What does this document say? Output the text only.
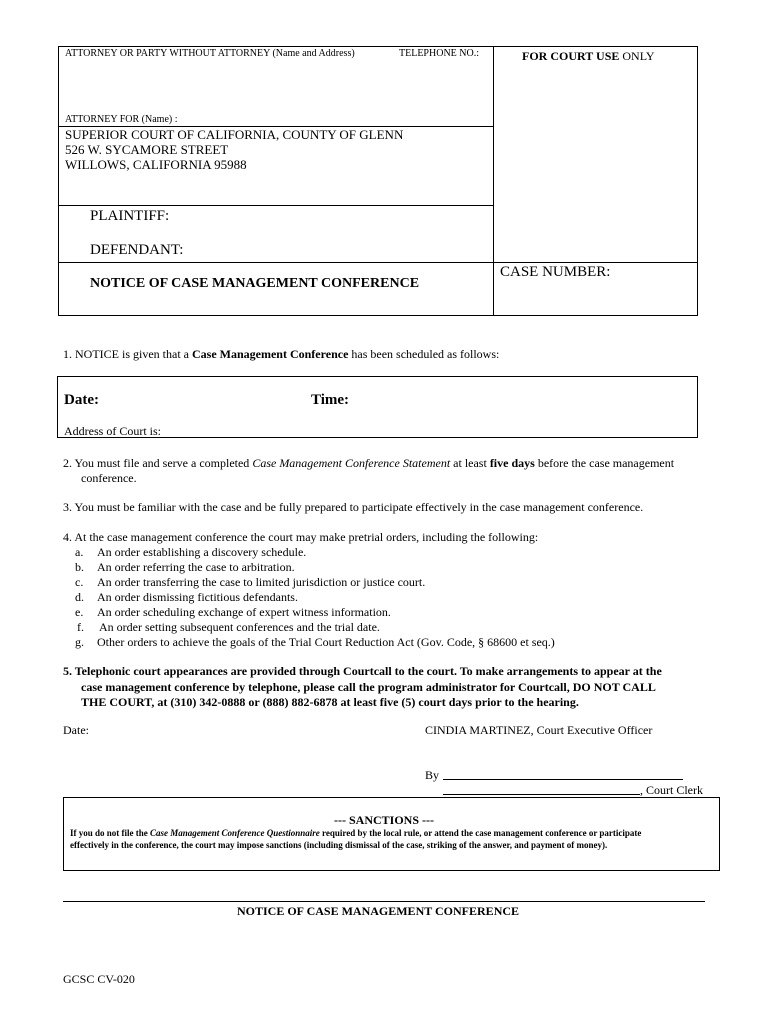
ATTORNEY OR PARTY WITHOUT ATTORNEY (Name and Address)	TELEPHONE NO.:	FOR COURT USE ONLY
ATTORNEY FOR (Name) :
SUPERIOR COURT OF CALIFORNIA, COUNTY OF GLENN
526 W. SYCAMORE STREET
WILLOWS, CALIFORNIA 95988
PLAINTIFF:
DEFENDANT:
CASE NUMBER:
NOTICE OF CASE MANAGEMENT CONFERENCE
1. NOTICE is given that a Case Management Conference has been scheduled as follows:
Date:	Time:
Address of Court is:
2. You must file and serve a completed Case Management Conference Statement at least five days before the case management
conference.
3. You must be familiar with the case and be fully prepared to participate effectively in the case management conference.
4. At the case management conference the court may make pretrial orders, including the following:
a. An order establishing a discovery schedule.
b. An order referring the case to arbitration.
c. An order transferring the case to limited jurisdiction or justice court.
d. An order dismissing fictitious defendants.
e. An order scheduling exchange of expert witness information.
f. An order setting subsequent conferences and the trial date.
g. Other orders to achieve the goals of the Trial Court Reduction Act (Gov. Code, § 68600 et seq.)
5. Telephonic court appearances are provided through Courtcall to the court. To make arrangements to appear at the
case management conference by telephone, please call the program administrator for Courtcall, DO NOT CALL
THE COURT, at (310) 342-0888 or (888) 882-6878 at least five (5) court days prior to the hearing.
Date:	CINDIA MARTINEZ, Court Executive Officer
By
, Court Clerk
--- SANCTIONS ---
If you do not file the Case Management Conference Questionnaire required by the local rule, or attend the case management conference or participate
effectively in the conference, the court may impose sanctions (including dismissal of the case, striking of the answer, and payment of money).
NOTICE OF CASE MANAGEMENT CONFERENCE
GCSC CV-020
